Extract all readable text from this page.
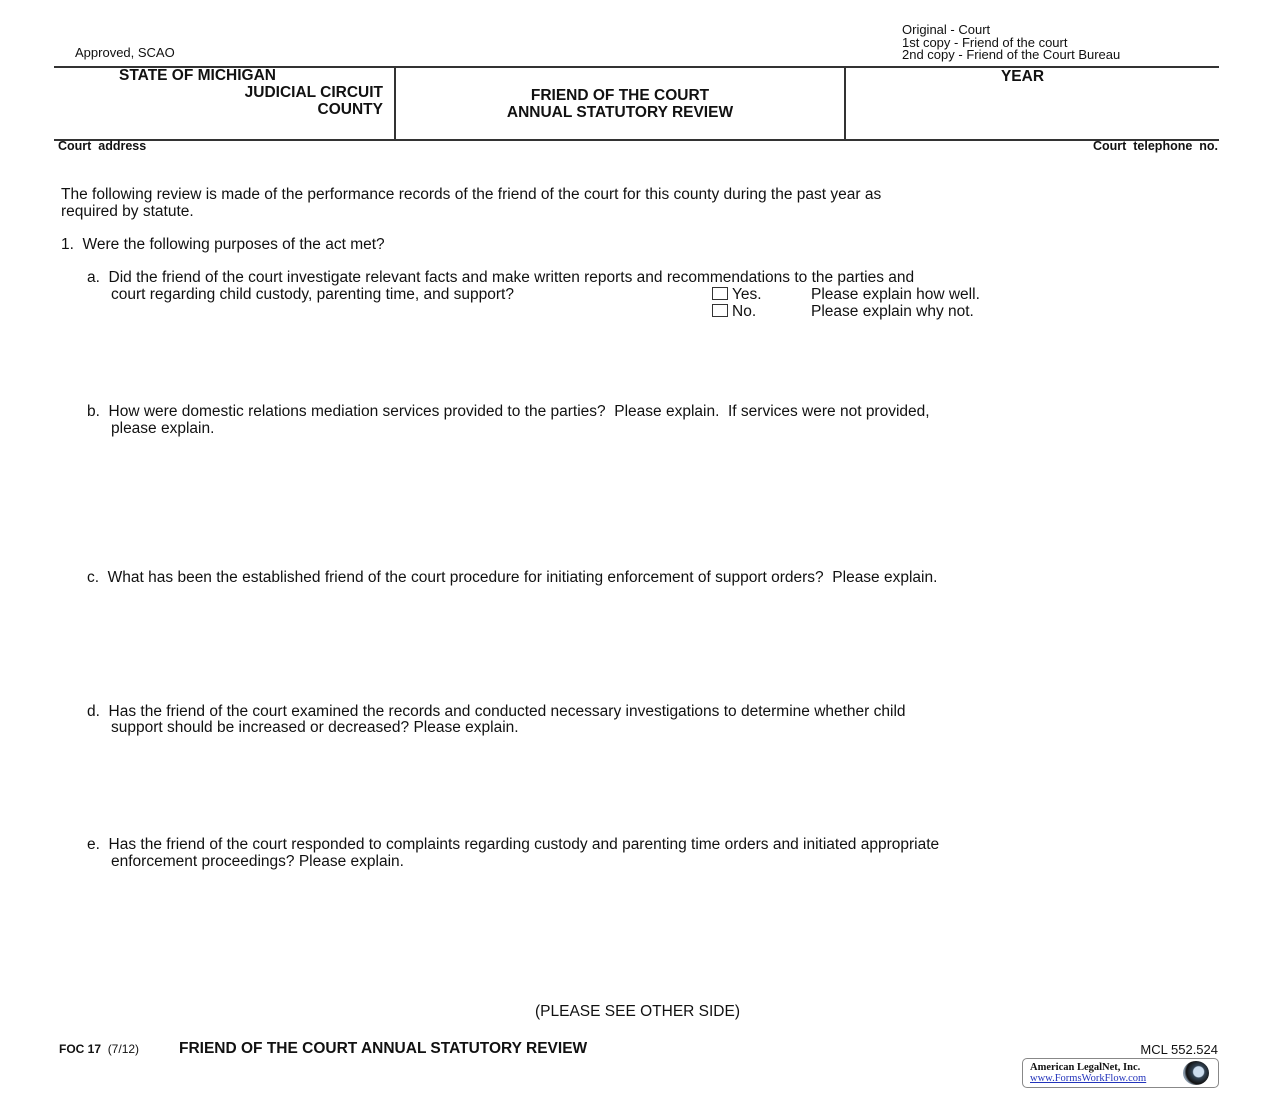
Approved, SCAO
Original - Court
1st copy - Friend of the court
2nd copy - Friend of the Court Bureau
STATE OF MICHIGAN
JUDICIAL CIRCUIT
COUNTY
FRIEND OF THE COURT
ANNUAL STATUTORY REVIEW
YEAR
Court  address	Court  telephone  no.
The following review is made of the performance records of the friend of the court for this county during the past year as
required by statute.
1.  Were the following purposes of the act met?
a.  Did the friend of the court investigate relevant facts and make written reports and recommendations to the parties and
court regarding child custody, parenting time, and support?	Yes.	Please explain how well.
No.	Please explain why not.
b.  How were domestic relations mediation services provided to the parties?  Please explain.  If services were not provided,
please explain.
c.  What has been the established friend of the court procedure for initiating enforcement of support orders?  Please explain.
d.  Has the friend of the court examined the records and conducted necessary investigations to determine whether child
support should be increased or decreased? Please explain.
e.  Has the friend of the court responded to complaints regarding custody and parenting time orders and initiated appropriate
enforcement proceedings? Please explain.
(PLEASE SEE OTHER SIDE)
FOC 17 (7/12)	FRIEND OF THE COURT ANNUAL STATUTORY REVIEW	MCL 552.524
American LegalNet, Inc.
www.FormsWorkFlow.com
